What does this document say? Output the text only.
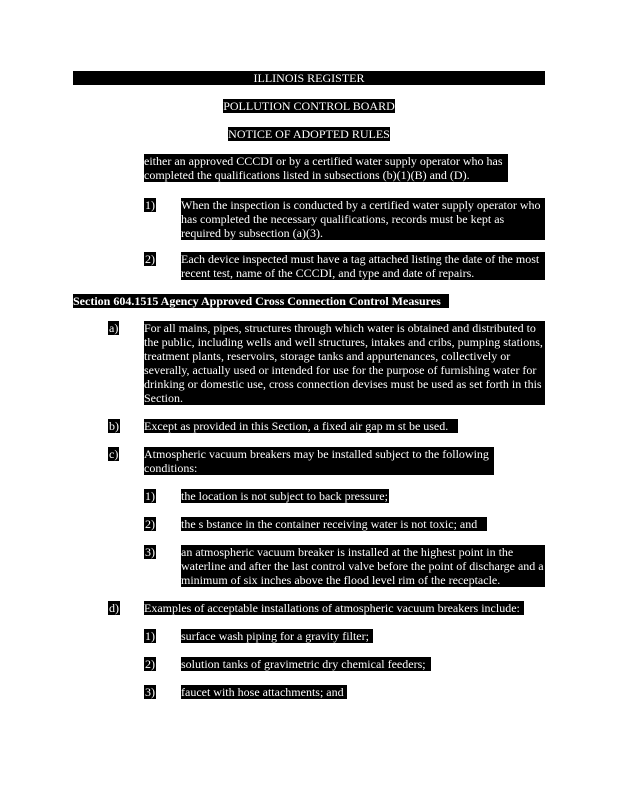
ILLINOIS REGISTER
POLLUTION CONTROL BOARD
NOTICE OF ADOPTED RULES
either an approved CCCDI or by a certified water supply operator who has completed the qualifications listed in subsections (b)(1)(B) and (D).
1) When the inspection is conducted by a certified water supply operator who has completed the necessary qualifications, records must be kept as required by subsection (a)(3).
2) Each device inspected must have a tag attached listing the date of the most recent test, name of the CCCDI, and type and date of repairs.
Section 604.1515 Agency Approved Cross Connection Control Measures
a) For all mains, pipes, structures through which water is obtained and distributed to the public, including wells and well structures, intakes and cribs, pumping stations, treatment plants, reservoirs, storage tanks and appurtenances, collectively or severally, actually used or intended for use for the purpose of furnishing water for drinking or domestic use, cross connection devises must be used as set forth in this Section.
b) Except as provided in this Section, a fixed air gap m st be used.
c) Atmospheric vacuum breakers may be installed subject to the following conditions:
1) the location is not subject to back pressure;
2) the s bstance in the container receiving water is not toxic; and
3) an atmospheric vacuum breaker is installed at the highest point in the waterline and after the last control valve before the point of discharge and a minimum of six inches above the flood level rim of the receptacle.
d) Examples of acceptable installations of atmospheric vacuum breakers include:
1) surface wash piping for a gravity filter;
2) solution tanks of gravimetric dry chemical feeders;
3) faucet with hose attachments; and
